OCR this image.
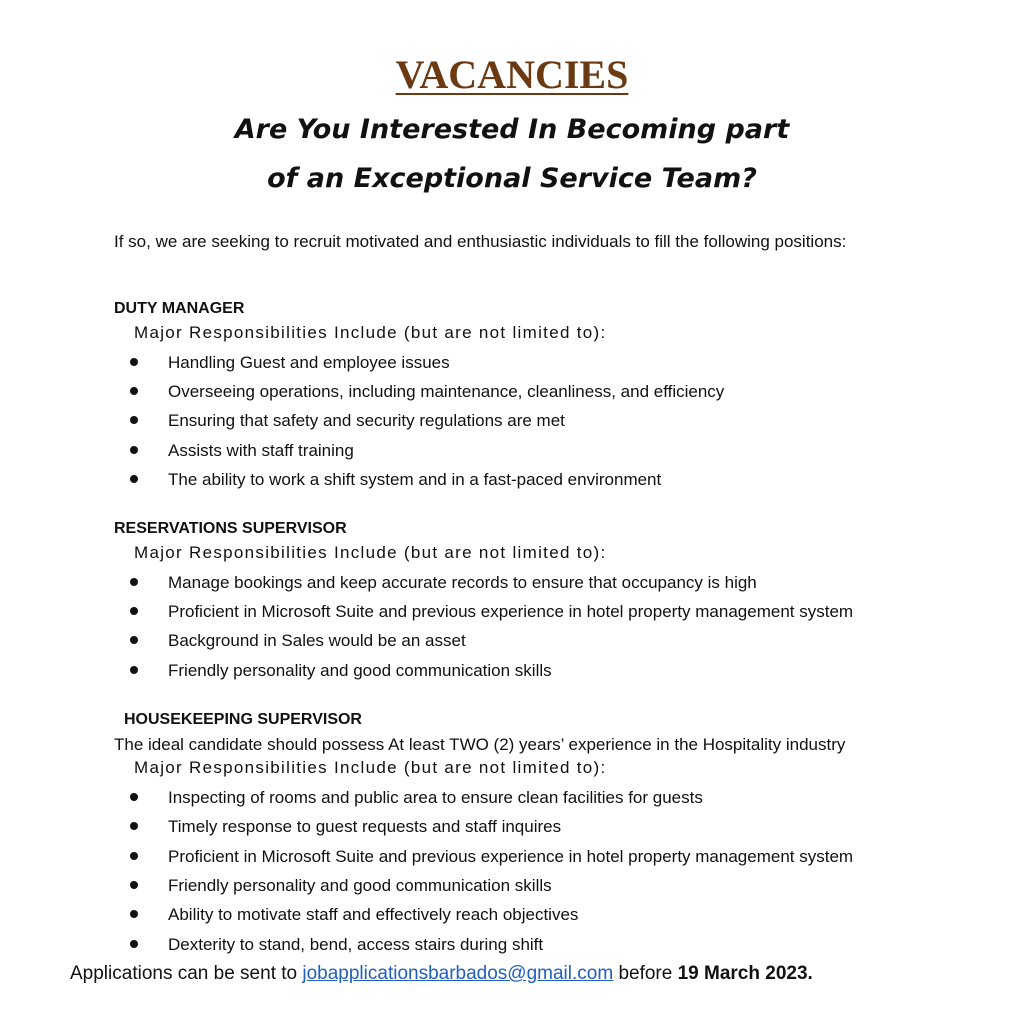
VACANCIES
Are You Interested In Becoming part
of an Exceptional Service Team?
If so, we are seeking to recruit motivated and enthusiastic individuals to fill the following positions:
DUTY MANAGER
Major Responsibilities Include (but are not limited to):
Handling Guest and employee issues
Overseeing operations, including maintenance, cleanliness, and efficiency
Ensuring that safety and security regulations are met
Assists with staff training
The ability to work a shift system and in a fast-paced environment
RESERVATIONS SUPERVISOR
Major Responsibilities Include (but are not limited to):
Manage bookings and keep accurate records to ensure that occupancy is high
Proficient in Microsoft Suite and previous experience in hotel property management system
Background in Sales would be an asset
Friendly personality and good communication skills
HOUSEKEEPING SUPERVISOR
The ideal candidate should possess At least TWO (2) years’ experience in the Hospitality industry
Major Responsibilities Include (but are not limited to):
Inspecting of rooms and public area to ensure clean facilities for guests
Timely response to guest requests and staff inquires
Proficient in Microsoft Suite and previous experience in hotel property management system
Friendly personality and good communication skills
Ability to motivate staff and effectively reach objectives
Dexterity to stand, bend, access stairs during shift
Applications can be sent to jobapplicationsbarbados@gmail.com before 19 March 2023.
